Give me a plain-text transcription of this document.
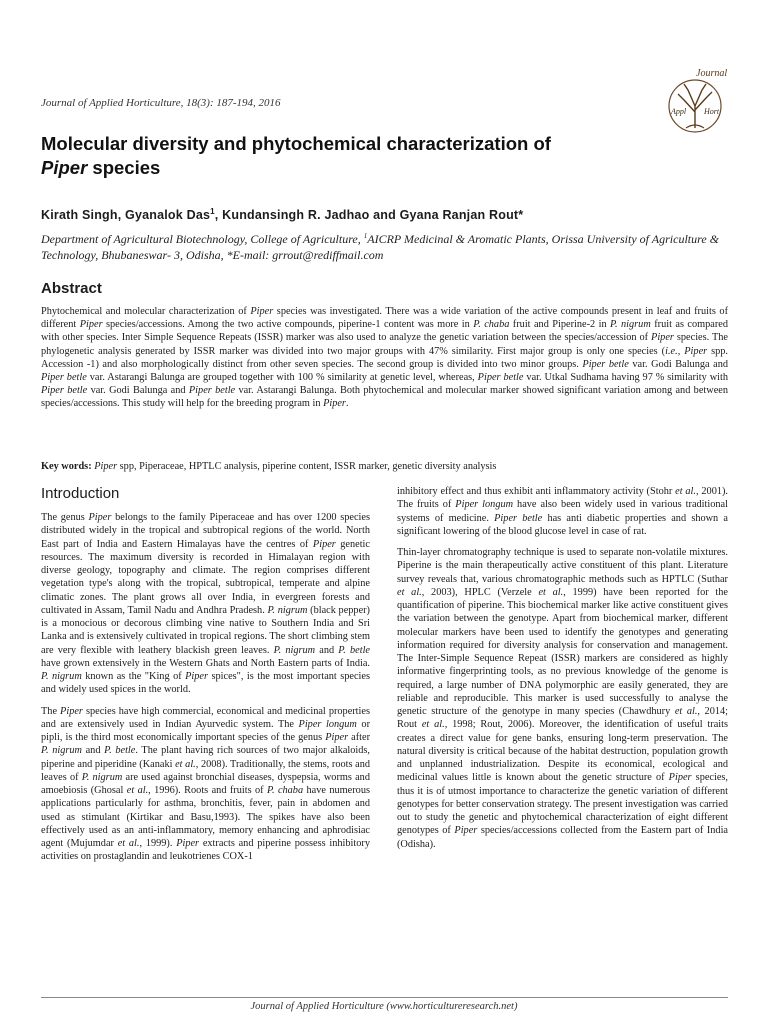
Journal of Applied Horticulture, 18(3): 187-194, 2016
Journal
Appl Hort
Molecular diversity and phytochemical characterization of
Piper species
Kirath Singh, Gyanalok Das$^1$, Kundansingh R. Jadhao and Gyana Ranjan Rout*
Department of Agricultural Biotechnology, College of Agriculture, $^1$AICRP Medicinal & Aromatic Plants, Orissa University of Agriculture & Technology, Bhubaneswar- 3, Odisha, *E-mail: grrout@rediffmail.com
Abstract
Phytochemical and molecular characterization of Piper species was investigated. There was a wide variation of the active compounds present in leaf and fruits of different Piper species/accessions. Among the two active compounds, piperine-1 content was more in P. chaba fruit and Piperine-2 in P. nigrum fruit as compared with other species. Inter Simple Sequence Repeats (ISSR) marker was also used to analyze the genetic variation between the species/accession of Piper species. The phylogenetic analysis generated by ISSR marker was divided into two major groups with 47% similarity. First major group is only one species (i.e., Piper spp. Accession -1) and also morphologically distinct from other seven species. The second group is divided into two minor groups. Piper betle var. Godi Balunga and Piper betle var. Astarangi Balunga are grouped together with 100 % similarity at genetic level, whereas, Piper betle var. Utkal Sudhama having 97 % similarity with Piper betle var. Godi Balunga and Piper betle var. Astarangi Balunga. Both phytochemical and molecular marker showed significant variation among and between species/accessions. This study will help for the breeding program in Piper.
Key words: Piper spp, Piperaceae, HPTLC analysis, piperine content, ISSR marker, genetic diversity analysis
Introduction

The genus Piper belongs to the family Piperaceae and has over 1200 species distributed widely in the tropical and subtropical regions of the world. North East part of India and Eastern Himalayas have the centres of Piper genetic resources. The maximum diversity is recorded in Himalayan region with diverse geology, topography and climate. The region comprises different vegetation type's along with the tropical, subtropical, temperate and alpine climatic zones. The plant grows all over India, in evergreen forests and cultivated in Assam, Tamil Nadu and Andhra Pradesh. P. nigrum (black pepper) is a monocious or decorous climbing vine native to Southern India and Sri Lanka and is extensively cultivated in tropical regions. The short climbing stem are very flexible with leathery blackish green leaves. P. nigrum and P. betle have grown extensively in the Western Ghats and North Eastern parts of India. P. nigrum known as the "King of Piper spices", is the most important species and widely used spices in the world.

The Piper species have high commercial, economical and medicinal properties and are extensively used in Indian Ayurvedic system. The Piper longum or pipli, is the third most economically important species of the genus Piper after P. nigrum and P. betle. The plant having rich sources of two major alkaloids, piperine and piperidine (Kanaki et al., 2008). Traditionally, the stems, roots and leaves of P. nigrum are used against bronchial diseases, dyspepsia, worms and amoebiosis (Ghosal et al., 1996). Roots and fruits of P. chaba have numerous applications particularly for asthma, bronchitis, fever, pain in abdomen and used as stimulant (Kirtikar and Basu,1993). The spikes have also been effectively used as an anti-inflammatory, memory enhancing and aphrodisiac agent (Mujumdar et al., 1999). Piper extracts and piperine possess inhibitory activities on prostaglandin and leukotrienes COX-1

inhibitory effect and thus exhibit anti inflammatory activity (Stohr et al., 2001). The fruits of Piper longum have also been widely used in various traditional systems of medicine. Piper betle has anti diabetic properties and shown a significant lowering of the blood glucose level in case of rat.

Thin-layer chromatography technique is used to separate non-volatile mixtures. Piperine is the main therapeutically active constituent of this plant. Literature survey reveals that, various chromatographic methods such as HPTLC (Suthar et al., 2003), HPLC (Verzele et al., 1999) have been reported for the quantification of piperine. This biochemical marker like active constituent gives the variation between the genotype. Apart from biochemical marker, different molecular markers have been used to identify the genotypes and generating information required for diversity analysis for conservation and management. The Inter-Simple Sequence Repeat (ISSR) markers are considered as highly informative fingerprinting tools, as no previous knowledge of the genome is required, a large number of DNA polymorphic are easily generated, they are reliable and reproducible. This marker is used successfully to analyse the genetic structure of the genotype in many species (Chawdhury et al., 2014; Rout et al., 1998; Rout, 2006). Moreover, the identification of useful traits creates a direct value for gene banks, ensuring long-term preservation. The natural diversity is critical because of the habitat destruction, population growth and unplanned industrialization. Despite its economical, ecological and medicinal values little is known about the genetic structure of Piper species, thus it is of utmost importance to characterize the genetic variation of different genotypes for better conservation strategy. The present investigation was carried out to study the genetic and phytochemical characterization of eight different genotypes of Piper species/accessions collected from the Eastern part of India (Odisha).

Journal of Applied Horticulture (www.horticultureresearch.net)
